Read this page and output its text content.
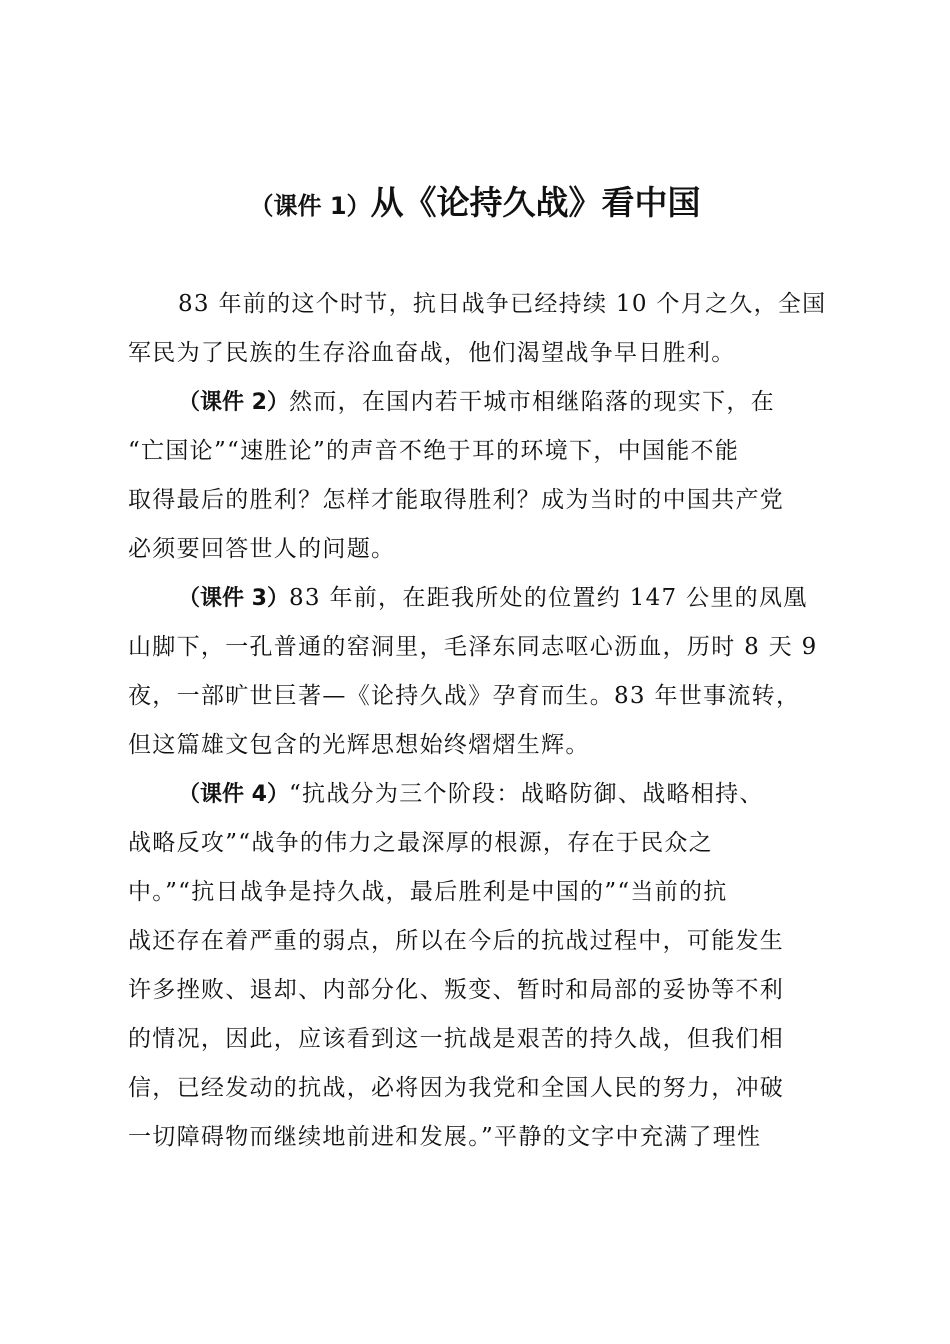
（课件 1）从《论持久战》看中国
83 年前的这个时节，抗日战争已经持续 10 个月之久，全国
军民为了民族的生存浴血奋战，他们渴望战争早日胜利。
（课件 2）然而，在国内若干城市相继陷落的现实下，在
“亡国论”“速胜论”的声音不绝于耳的环境下，中国能不能
取得最后的胜利？怎样才能取得胜利？成为当时的中国共产党
必须要回答世人的问题。
（课件 3）83 年前，在距我所处的位置约 147 公里的凤凰
山脚下，一孔普通的窑洞里，毛泽东同志呕心沥血，历时 8 天 9
夜，一部旷世巨著—《论持久战》孕育而生。83 年世事流转，
但这篇雄文包含的光辉思想始终熠熠生辉。
（课件 4）“抗战分为三个阶段：战略防御、战略相持、
战略反攻”“战争的伟力之最深厚的根源，存在于民众之
中。”“抗日战争是持久战，最后胜利是中国的”“当前的抗
战还存在着严重的弱点，所以在今后的抗战过程中，可能发生
许多挫败、退却、内部分化、叛变、暂时和局部的妥协等不利
的情况，因此，应该看到这一抗战是艰苦的持久战，但我们相
信，已经发动的抗战，必将因为我党和全国人民的努力，冲破
一切障碍物而继续地前进和发展。”平静的文字中充满了理性
